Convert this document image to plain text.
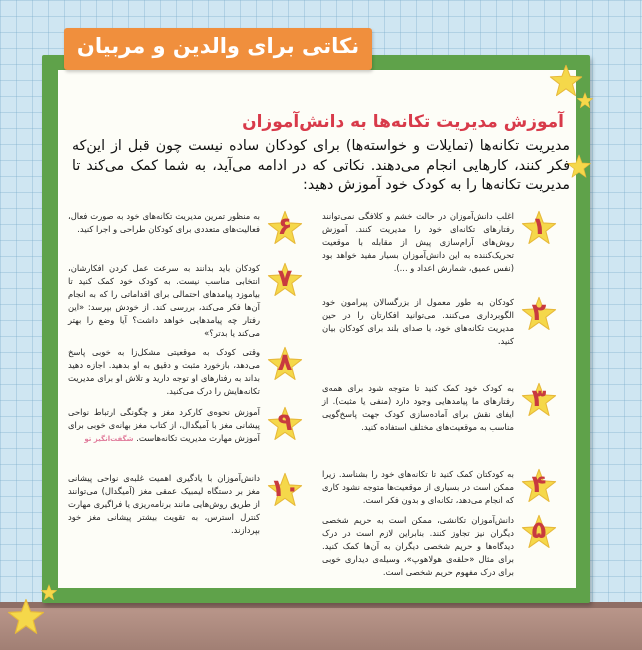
نکاتی برای والدین و مربیان
آموزش مدیریت تکانه‌ها به دانش‌آموزان
مدیریت تکانه‌ها (تمایلات و خواسته‌ها) برای کودکان ساده نیست چون قبل از این‌که فکر کنند، کارهایی انجام می‌دهند. نکاتی که در ادامه می‌آید، به شما کمک می‌کند تا مدیریت تکانه‌ها را به کودک خود آموزش دهید:
۱
اغلب دانش‌آموزان در حالت خشم و کلافگی نمی‌توانند رفتارهای تکانه‌ای خود را مدیریت کنند. آموزش روش‌های آرام‌سازی پیش از مقابله با موقعیت تحریک‌کننده به این دانش‌آموزان بسیار مفید خواهد بود (نفس عمیق، شمارش اعداد و ...).
۲
کودکان به طور معمول از بزرگسالان پیرامون خود الگوبرداری می‌کنند. می‌توانید افکارتان را در حین مدیریت تکانه‌های خود، با صدای بلند برای کودکان بیان کنید.
۳
به کودک خود کمک کنید تا متوجه شود برای همه‌ی رفتارهای ما پیامدهایی وجود دارد (منفی یا مثبت). از ایفای نقش برای آماده‌سازی کودک جهت پاسخ‌گویی مناسب به موقعیت‌های مختلف استفاده کنید.
۴
به کودکتان کمک کنید تا تکانه‌های خود را بشناسد. زیرا ممکن است در بسیاری از موقعیت‌ها متوجه نشود کاری که انجام می‌دهد، تکانه‌ای و بدون فکر است.
۵
دانش‌آموزان تکانشی، ممکن است به حریم شخصی دیگران نیز تجاوز کنند. بنابراین لازم است در درک دیدگاه‌ها و حریم شخصی دیگران به آن‌ها کمک کنید. برای مثال «حلقه‌ی هولاهوپ»، وسیله‌ی دیداری خوبی برای درک مفهوم حریم شخصی است.
۶
به منظور تمرین مدیریت تکانه‌های خود به صورت فعال، فعالیت‌های متعددی برای کودکان طراحی و اجرا کنید.
۷
کودکان باید بدانند به سرعت عمل کردن افکارشان، انتخابی مناسب نیست. به کودک خود کمک کنید تا بیاموزد پیامدهای احتمالی برای اقداماتی را که به انجام آن‌ها فکر می‌کند، بررسی کند. از خودش بپرسد: «این رفتار چه پیامدهایی خواهد داشت؟ آیا وضع را بهتر می‌کند یا بدتر؟»
۸
وقتی کودک به موقعیتی مشکل‌زا به خوبی پاسخ می‌دهد، بازخورد مثبت و دقیق به او بدهید. اجازه دهید بداند به رفتارهای او توجه دارید و تلاش او برای مدیریت تکانه‌هایش را درک می‌کنید.
۹
آموزش نحوه‌ی کارکرد مغز و چگونگی ارتباط نواحی پیشانی مغز با آمیگدال، از کتاب مغز بهانه‌ی خوبی برای آموزش مهارت مدیریت تکانه‌هاست. شگفت‌انگیز تو
۱۰
دانش‌آموزان با یادگیری اهمیت غلبه‌ی نواحی پیشانی مغز بر دستگاه لیمبیک عمقی مغز (آمیگدال) می‌توانند از طریق روش‌هایی مانند برنامه‌ریزی یا فراگیری مهارت کنترل استرس، به تقویت بیشتر پیشانی مغز خود بپردازند.
